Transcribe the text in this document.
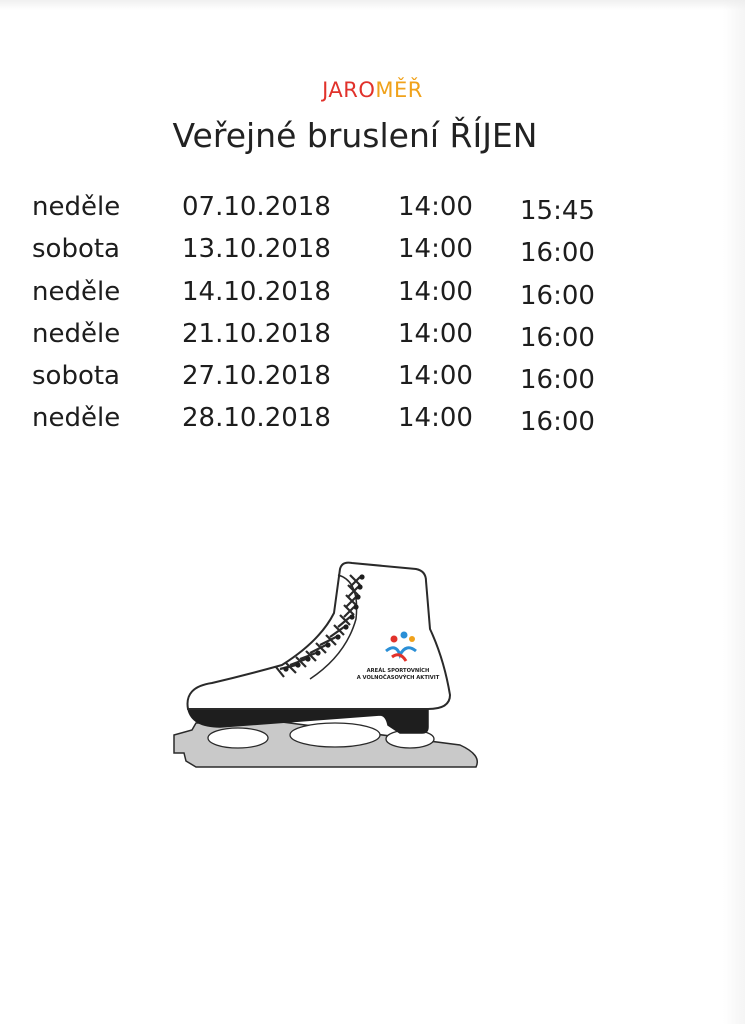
JAROMĚŘ
Veřejné bruslení ŘÍJEN
neděle 07.10.2018	14:00 15:45
sobota 13.10.2018	14:00 16:00
neděle 14.10.2018	14:00 16:00
neděle 21.10.2018	14:00 16:00
sobota 27.10.2018	14:00 16:00
neděle 28.10.2018	14:00 16:00
AREÁL SPORTOVNÍCH
A VOLNOČASOVÝCH AKTIVIT
